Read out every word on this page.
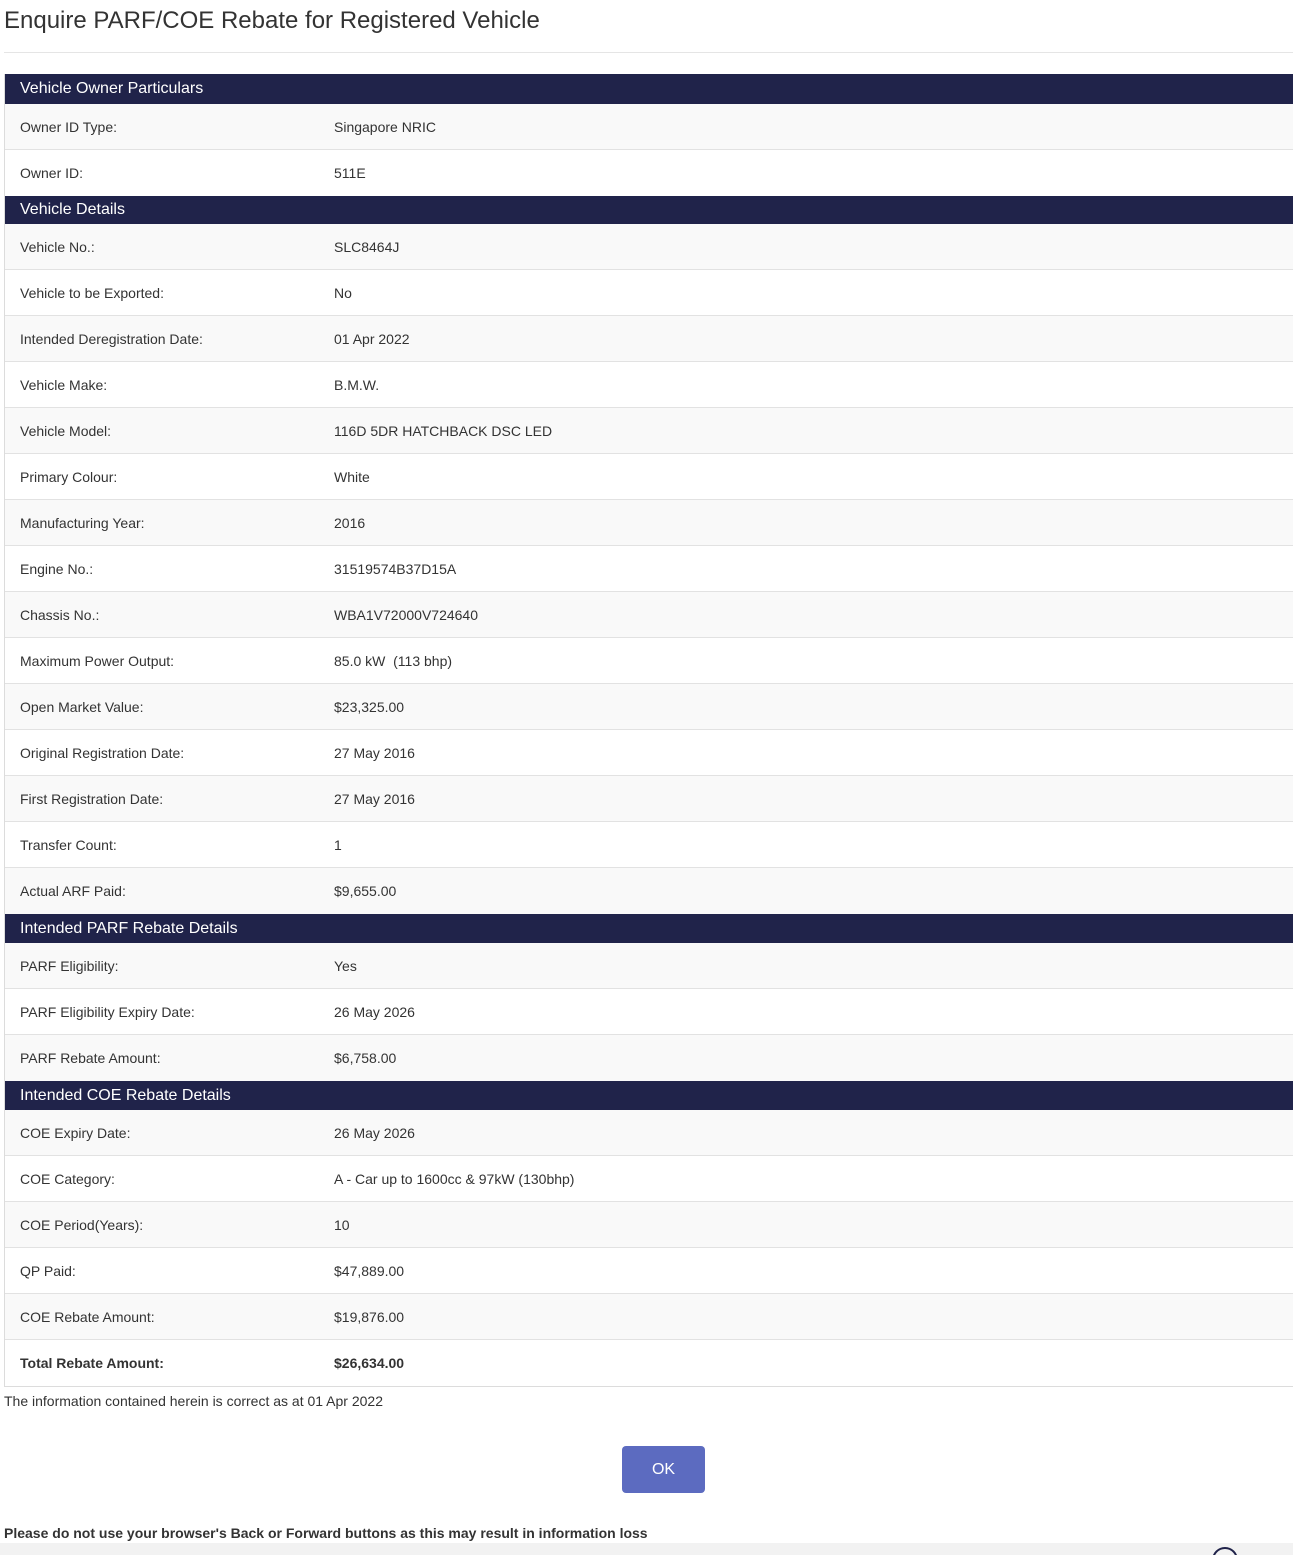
Enquire PARF/COE Rebate for Registered Vehicle
Vehicle Owner Particulars
Owner ID Type:	Singapore NRIC
Owner ID:	511E
Vehicle Details
Vehicle No.:	SLC8464J
Vehicle to be Exported:	No
Intended Deregistration Date:	01 Apr 2022
Vehicle Make:	B.M.W.
Vehicle Model:	116D 5DR HATCHBACK DSC LED
Primary Colour:	White
Manufacturing Year:	2016
Engine No.:	31519574B37D15A
Chassis No.:	WBA1V72000V724640
Maximum Power Output:	85.0 kW  (113 bhp)
Open Market Value:	$23,325.00
Original Registration Date:	27 May 2016
First Registration Date:	27 May 2016
Transfer Count:	1
Actual ARF Paid:	$9,655.00
Intended PARF Rebate Details
PARF Eligibility:	Yes
PARF Eligibility Expiry Date:	26 May 2026
PARF Rebate Amount:	$6,758.00
Intended COE Rebate Details
COE Expiry Date:	26 May 2026
COE Category:	A - Car up to 1600cc & 97kW (130bhp)
COE Period(Years):	10
QP Paid:	$47,889.00
COE Rebate Amount:	$19,876.00
Total Rebate Amount:	$26,634.00
The information contained herein is correct as at 01 Apr 2022
OK
Please do not use your browser's Back or Forward buttons as this may result in information loss
